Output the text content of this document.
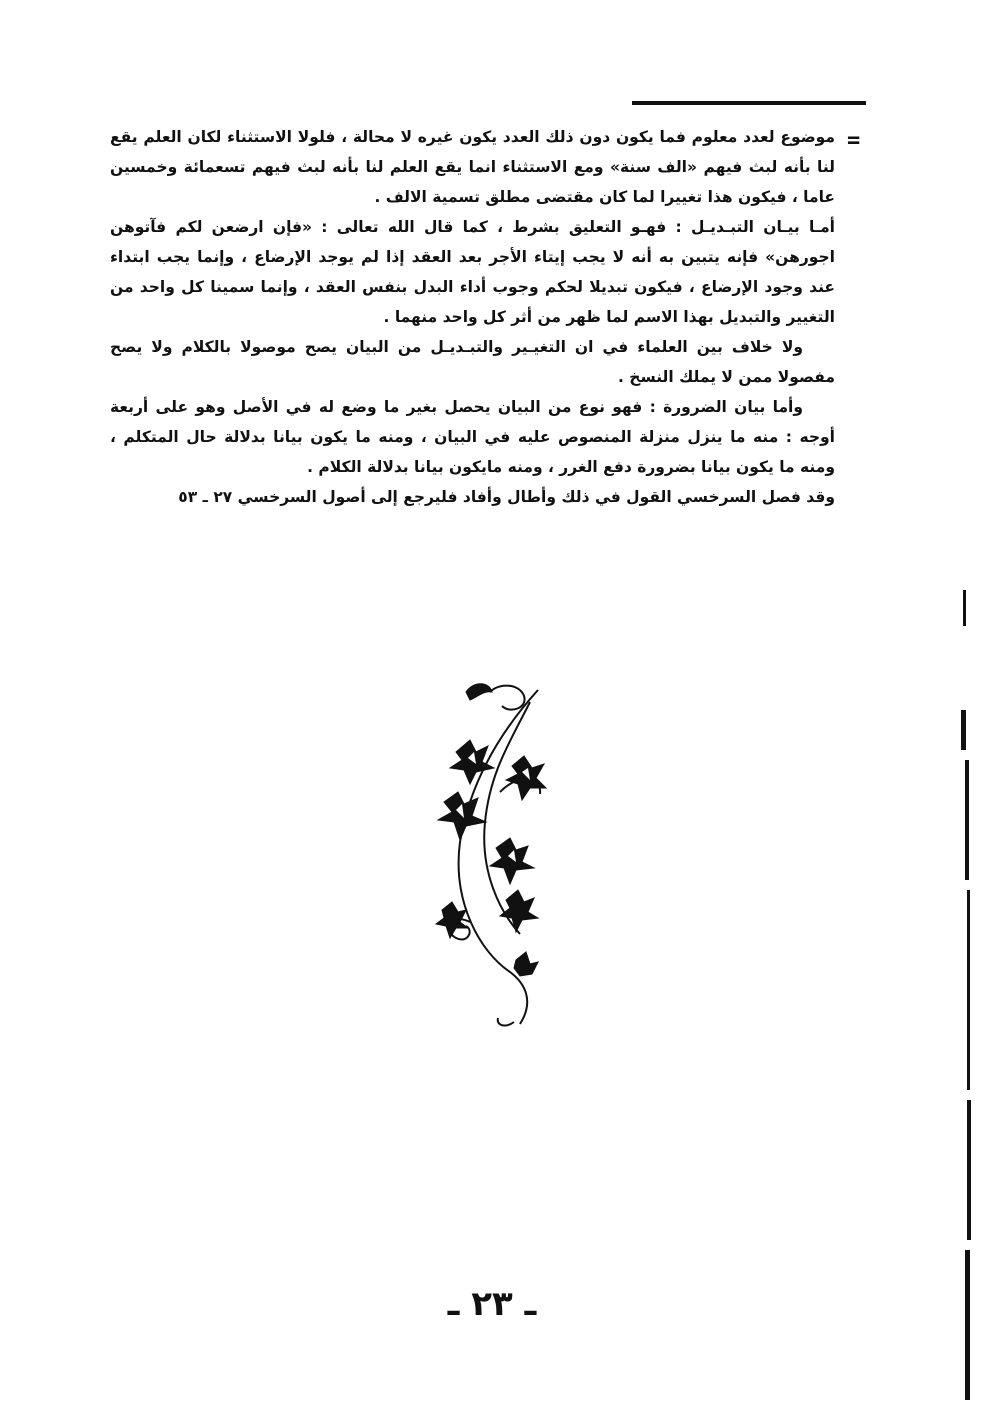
=

موضوع لعدد معلوم فما يكون دون ذلك العدد يكون غيره لا محالة ، فلولا الاستثناء لكان العلم يقع لنا بأنه لبث فيهم «الف سنة» ومع الاستثناء انما يقع العلم لنا بأنه لبث فيهم تسعمائة وخمسين عاما ، فيكون هذا تغييرا لما كان مقتضى مطلق تسمية الالف .

أمـا بيـان التبـديـل : فهـو التعليق بشرط ، كما قال الله تعالى : «فإن ارضعن لكم فآتوهن اجورهن» فإنه يتبين به أنه لا يجب إيتاء الأجر بعد العقد إذا لم يوجد الإرضاع ، وإنما يجب ابتداء عند وجود الإرضاع ، فيكون تبديلا لحكم وجوب أداء البدل بنفس العقد ، وإنما سمينا كل واحد من التغيير والتبديل بهذا الاسم لما ظهر من أثر كل واحد منهما .

ولا خلاف بين العلماء في ان التغيـير والتبـديـل من البيان يصح موصولا بالكلام ولا يصح مفصولا ممن لا يملك النسخ .

وأما بيان الضرورة : فهو نوع من البيان يحصل بغير ما وضع له في الأصل وهو على أربعة أوجه : منه ما ينزل منزلة المنصوص عليه في البيان ، ومنه ما يكون بيانا بدلالة حال المتكلم ، ومنه ما يكون بيانا بضرورة دفع الغرر ، ومنه مايكون بيانا بدلالة الكلام .

وقد فصل السرخسي القول في ذلك وأطال وأفاد فليرجع إلى أصول السرخسي ٢٧ ـ ٥٣

ـ ٢٣ ـ
